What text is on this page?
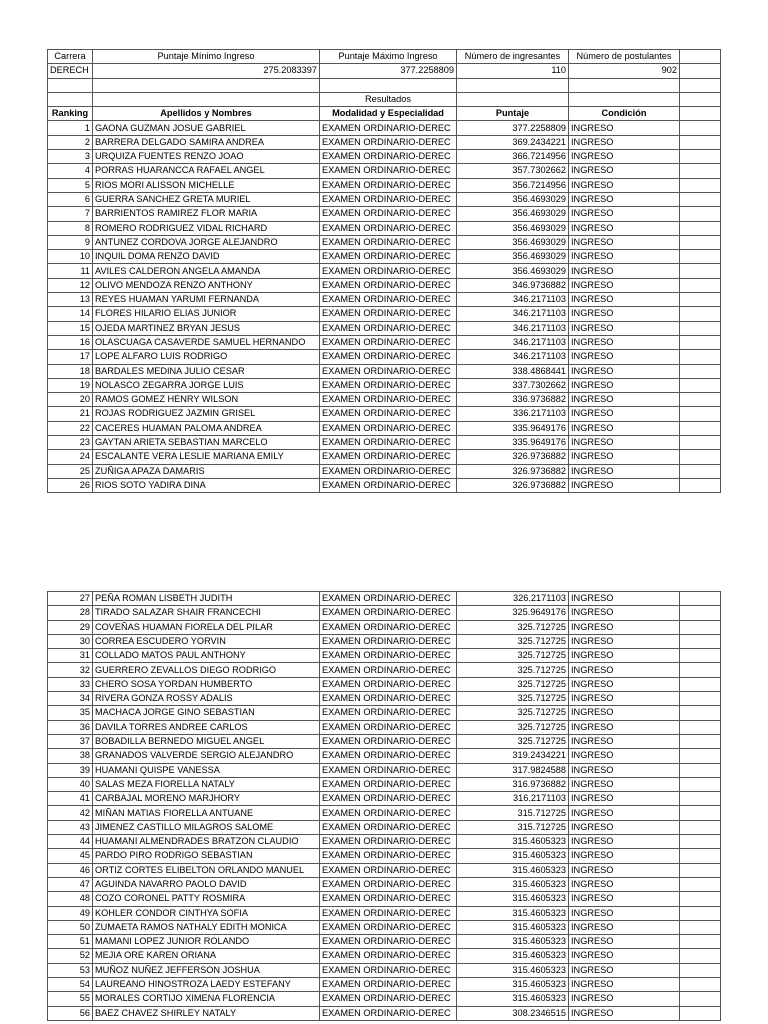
Carrera	Puntaje Mínimo Ingreso	Puntaje Máximo Ingreso	Número de ingresantes	Número de postulantes	
DERECH	275.2083397	377.2258809	110	902	

		Resultados			
Ranking	Apellidos y Nombres	Modalidad y Especialidad	Puntaje	Condición	
1	GAONA GUZMAN JOSUE GABRIEL	EXAMEN ORDINARIO-DEREC	377.2258809	INGRESO	
2	BARRERA DELGADO SAMIRA ANDREA	EXAMEN ORDINARIO-DEREC	369.2434221	INGRESO	
3	URQUIZA FUENTES RENZO JOAO	EXAMEN ORDINARIO-DEREC	366.7214956	INGRESO	
4	PORRAS HUARANCCA RAFAEL ANGEL	EXAMEN ORDINARIO-DEREC	357.7302662	INGRESO	
5	RIOS MORI ALISSON MICHELLE	EXAMEN ORDINARIO-DEREC	356.7214956	INGRESO	
6	GUERRA SANCHEZ GRETA MURIEL	EXAMEN ORDINARIO-DEREC	356.4693029	INGRESO	
7	BARRIENTOS RAMIREZ FLOR MARIA	EXAMEN ORDINARIO-DEREC	356.4693029	INGRESO	
8	ROMERO RODRIGUEZ VIDAL RICHARD	EXAMEN ORDINARIO-DEREC	356.4693029	INGRESO	
9	ANTUNEZ CORDOVA JORGE ALEJANDRO	EXAMEN ORDINARIO-DEREC	356.4693029	INGRESO	
10	INQUIL DOMA RENZO DAVID	EXAMEN ORDINARIO-DEREC	356.4693029	INGRESO	
11	AVILES CALDERON ANGELA AMANDA	EXAMEN ORDINARIO-DEREC	356.4693029	INGRESO	
12	OLIVO MENDOZA RENZO ANTHONY	EXAMEN ORDINARIO-DEREC	346.9736882	INGRESO	
13	REYES HUAMAN YARUMI FERNANDA	EXAMEN ORDINARIO-DEREC	346.2171103	INGRESO	
14	FLORES HILARIO ELIAS JUNIOR	EXAMEN ORDINARIO-DEREC	346.2171103	INGRESO	
15	OJEDA MARTINEZ BRYAN JESUS	EXAMEN ORDINARIO-DEREC	346.2171103	INGRESO	
16	OLASCUAGA CASAVERDE SAMUEL HERNANDO	EXAMEN ORDINARIO-DEREC	346.2171103	INGRESO	
17	LOPE ALFARO LUIS RODRIGO	EXAMEN ORDINARIO-DEREC	346.2171103	INGRESO	
18	BARDALES MEDINA JULIO CESAR	EXAMEN ORDINARIO-DEREC	338.4868441	INGRESO	
19	NOLASCO ZEGARRA JORGE LUIS	EXAMEN ORDINARIO-DEREC	337.7302662	INGRESO	
20	RAMOS GOMEZ HENRY WILSON	EXAMEN ORDINARIO-DEREC	336.9736882	INGRESO	
21	ROJAS RODRIGUEZ JAZMIN GRISEL	EXAMEN ORDINARIO-DEREC	336.2171103	INGRESO	
22	CACERES HUAMAN PALOMA ANDREA	EXAMEN ORDINARIO-DEREC	335.9649176	INGRESO	
23	GAYTAN ARIETA SEBASTIAN MARCELO	EXAMEN ORDINARIO-DEREC	335.9649176	INGRESO	
24	ESCALANTE VERA LESLIE MARIANA EMILY	EXAMEN ORDINARIO-DEREC	326.9736882	INGRESO	
25	ZUÑIGA APAZA DAMARIS	EXAMEN ORDINARIO-DEREC	326.9736882	INGRESO	
26	RIOS SOTO YADIRA DINA	EXAMEN ORDINARIO-DEREC	326.9736882	INGRESO	
27	PEÑA ROMAN LISBETH JUDITH	EXAMEN ORDINARIO-DEREC	326.2171103	INGRESO	
28	TIRADO SALAZAR SHAIR FRANCECHI	EXAMEN ORDINARIO-DEREC	325.9649176	INGRESO	
29	COVEÑAS HUAMAN FIORELA DEL PILAR	EXAMEN ORDINARIO-DEREC	325.712725	INGRESO	
30	CORREA ESCUDERO YORVIN	EXAMEN ORDINARIO-DEREC	325.712725	INGRESO	
31	COLLADO MATOS PAUL ANTHONY	EXAMEN ORDINARIO-DEREC	325.712725	INGRESO	
32	GUERRERO ZEVALLOS DIEGO RODRIGO	EXAMEN ORDINARIO-DEREC	325.712725	INGRESO	
33	CHERO SOSA YORDAN HUMBERTO	EXAMEN ORDINARIO-DEREC	325.712725	INGRESO	
34	RIVERA GONZA ROSSY ADALIS	EXAMEN ORDINARIO-DEREC	325.712725	INGRESO	
35	MACHACA JORGE GINO SEBASTIAN	EXAMEN ORDINARIO-DEREC	325.712725	INGRESO	
36	DAVILA TORRES ANDREE CARLOS	EXAMEN ORDINARIO-DEREC	325.712725	INGRESO	
37	BOBADILLA BERNEDO MIGUEL ANGEL	EXAMEN ORDINARIO-DEREC	325.712725	INGRESO	
38	GRANADOS VALVERDE SERGIO ALEJANDRO	EXAMEN ORDINARIO-DEREC	319.2434221	INGRESO	
39	HUAMANI QUISPE VANESSA	EXAMEN ORDINARIO-DEREC	317.9824588	INGRESO	
40	SALAS MEZA FIORELLA NATALY	EXAMEN ORDINARIO-DEREC	316.9736882	INGRESO	
41	CARBAJAL MORENO MARJHORY	EXAMEN ORDINARIO-DEREC	316.2171103	INGRESO	
42	MIÑAN MATIAS FIORELLA ANTUANE	EXAMEN ORDINARIO-DEREC	315.712725	INGRESO	
43	JIMENEZ CASTILLO MILAGROS SALOME	EXAMEN ORDINARIO-DEREC	315.712725	INGRESO	
44	HUAMANI ALMENDRADES BRATZON CLAUDIO	EXAMEN ORDINARIO-DEREC	315.4605323	INGRESO	
45	PARDO PIRO RODRIGO SEBASTIAN	EXAMEN ORDINARIO-DEREC	315.4605323	INGRESO	
46	ORTIZ CORTES ELIBELTON ORLANDO MANUEL	EXAMEN ORDINARIO-DEREC	315.4605323	INGRESO	
47	AGUINDA NAVARRO PAOLO DAVID	EXAMEN ORDINARIO-DEREC	315.4605323	INGRESO	
48	COZO CORONEL PATTY ROSMIRA	EXAMEN ORDINARIO-DEREC	315.4605323	INGRESO	
49	KOHLER CONDOR CINTHYA SOFIA	EXAMEN ORDINARIO-DEREC	315.4605323	INGRESO	
50	ZUMAETA RAMOS NATHALY EDITH MONICA	EXAMEN ORDINARIO-DEREC	315.4605323	INGRESO	
51	MAMANI LOPEZ JUNIOR ROLANDO	EXAMEN ORDINARIO-DEREC	315.4605323	INGRESO	
52	MEJIA ORE KAREN ORIANA	EXAMEN ORDINARIO-DEREC	315.4605323	INGRESO	
53	MUÑOZ NUÑEZ JEFFERSON JOSHUA	EXAMEN ORDINARIO-DEREC	315.4605323	INGRESO	
54	LAUREANO HINOSTROZA LAEDY ESTEFANY	EXAMEN ORDINARIO-DEREC	315.4605323	INGRESO	
55	MORALES CORTIJO XIMENA FLORENCIA	EXAMEN ORDINARIO-DEREC	315.4605323	INGRESO	
56	BAEZ CHAVEZ SHIRLEY NATALY	EXAMEN ORDINARIO-DEREC	308.2346515	INGRESO	
